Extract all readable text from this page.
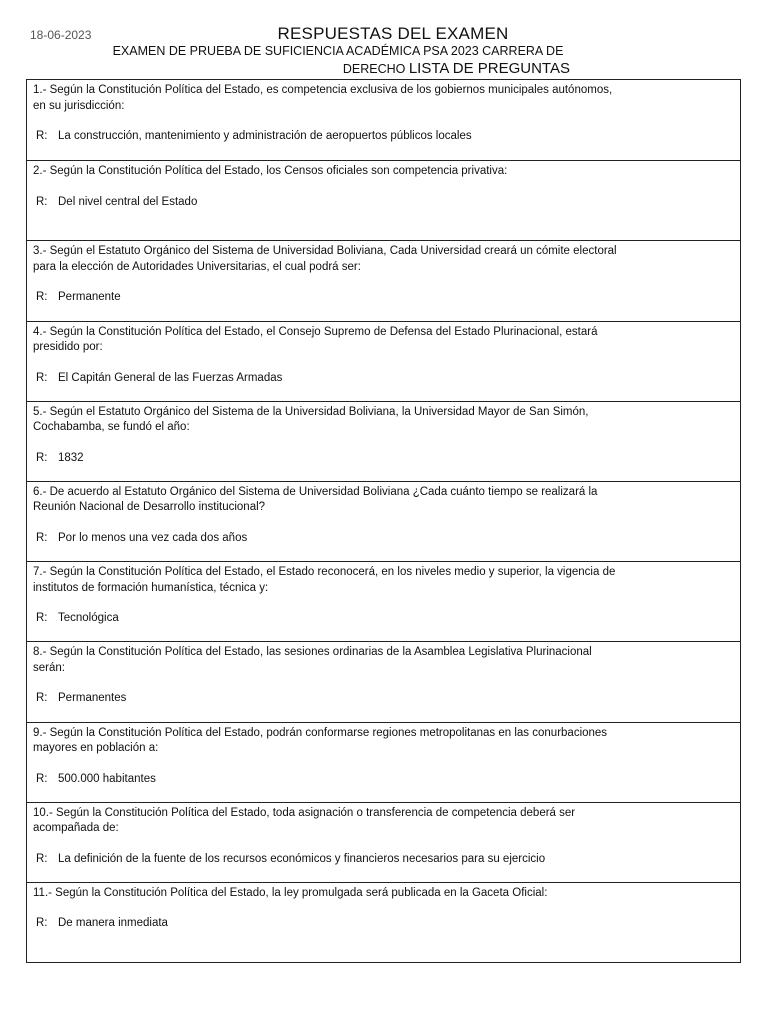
18-06-2023	RESPUESTAS DEL EXAMEN
EXAMEN DE PRUEBA DE SUFICIENCIA ACADÉMICA PSA 2023 CARRERA DE
DERECHO LISTA DE PREGUNTAS
1.- Según la Constitución Política del Estado, es competencia exclusiva de los gobiernos municipales autónomos, en su jurisdicción:
R: La construcción, mantenimiento y administración de aeropuertos públicos locales
2.- Según la Constitución Política del Estado, los Censos oficiales son competencia privativa:
R: Del nivel central del Estado
3.- Según el Estatuto Orgánico del Sistema de Universidad Boliviana, Cada Universidad creará un cómite electoral para la elección de Autoridades Universitarias, el cual podrá ser:
R: Permanente
4.- Según la Constitución Política del Estado, el Consejo Supremo de Defensa del Estado Plurinacional, estará presidido por:
R: El Capitán General de las Fuerzas Armadas
5.- Según el Estatuto Orgánico del Sistema de la Universidad Boliviana, la Universidad Mayor de San Simón, Cochabamba, se fundó el año:
R: 1832
6.- De acuerdo al Estatuto Orgánico del Sistema de Universidad Boliviana ¿Cada cuánto tiempo se realizará la Reunión Nacional de Desarrollo institucional?
R: Por lo menos una vez cada dos años
7.- Según la Constitución Política del Estado, el Estado reconocerá, en los niveles medio y superior, la vigencia de institutos de formación humanística, técnica y:
R: Tecnológica
8.- Según la Constitución Política del Estado, las sesiones ordinarias de la Asamblea Legislativa Plurinacional serán:
R: Permanentes
9.- Según la Constitución Política del Estado, podrán conformarse regiones metropolitanas en las conurbaciones mayores en población a:
R: 500.000 habitantes
10.- Según la Constitución Política del Estado, toda asignación o transferencia de competencia deberá ser acompañada de:
R: La definición de la fuente de los recursos económicos y financieros necesarios para su ejercicio
11.- Según la Constitución Política del Estado, la ley promulgada será publicada en la Gaceta Oficial:
R: De manera inmediata
